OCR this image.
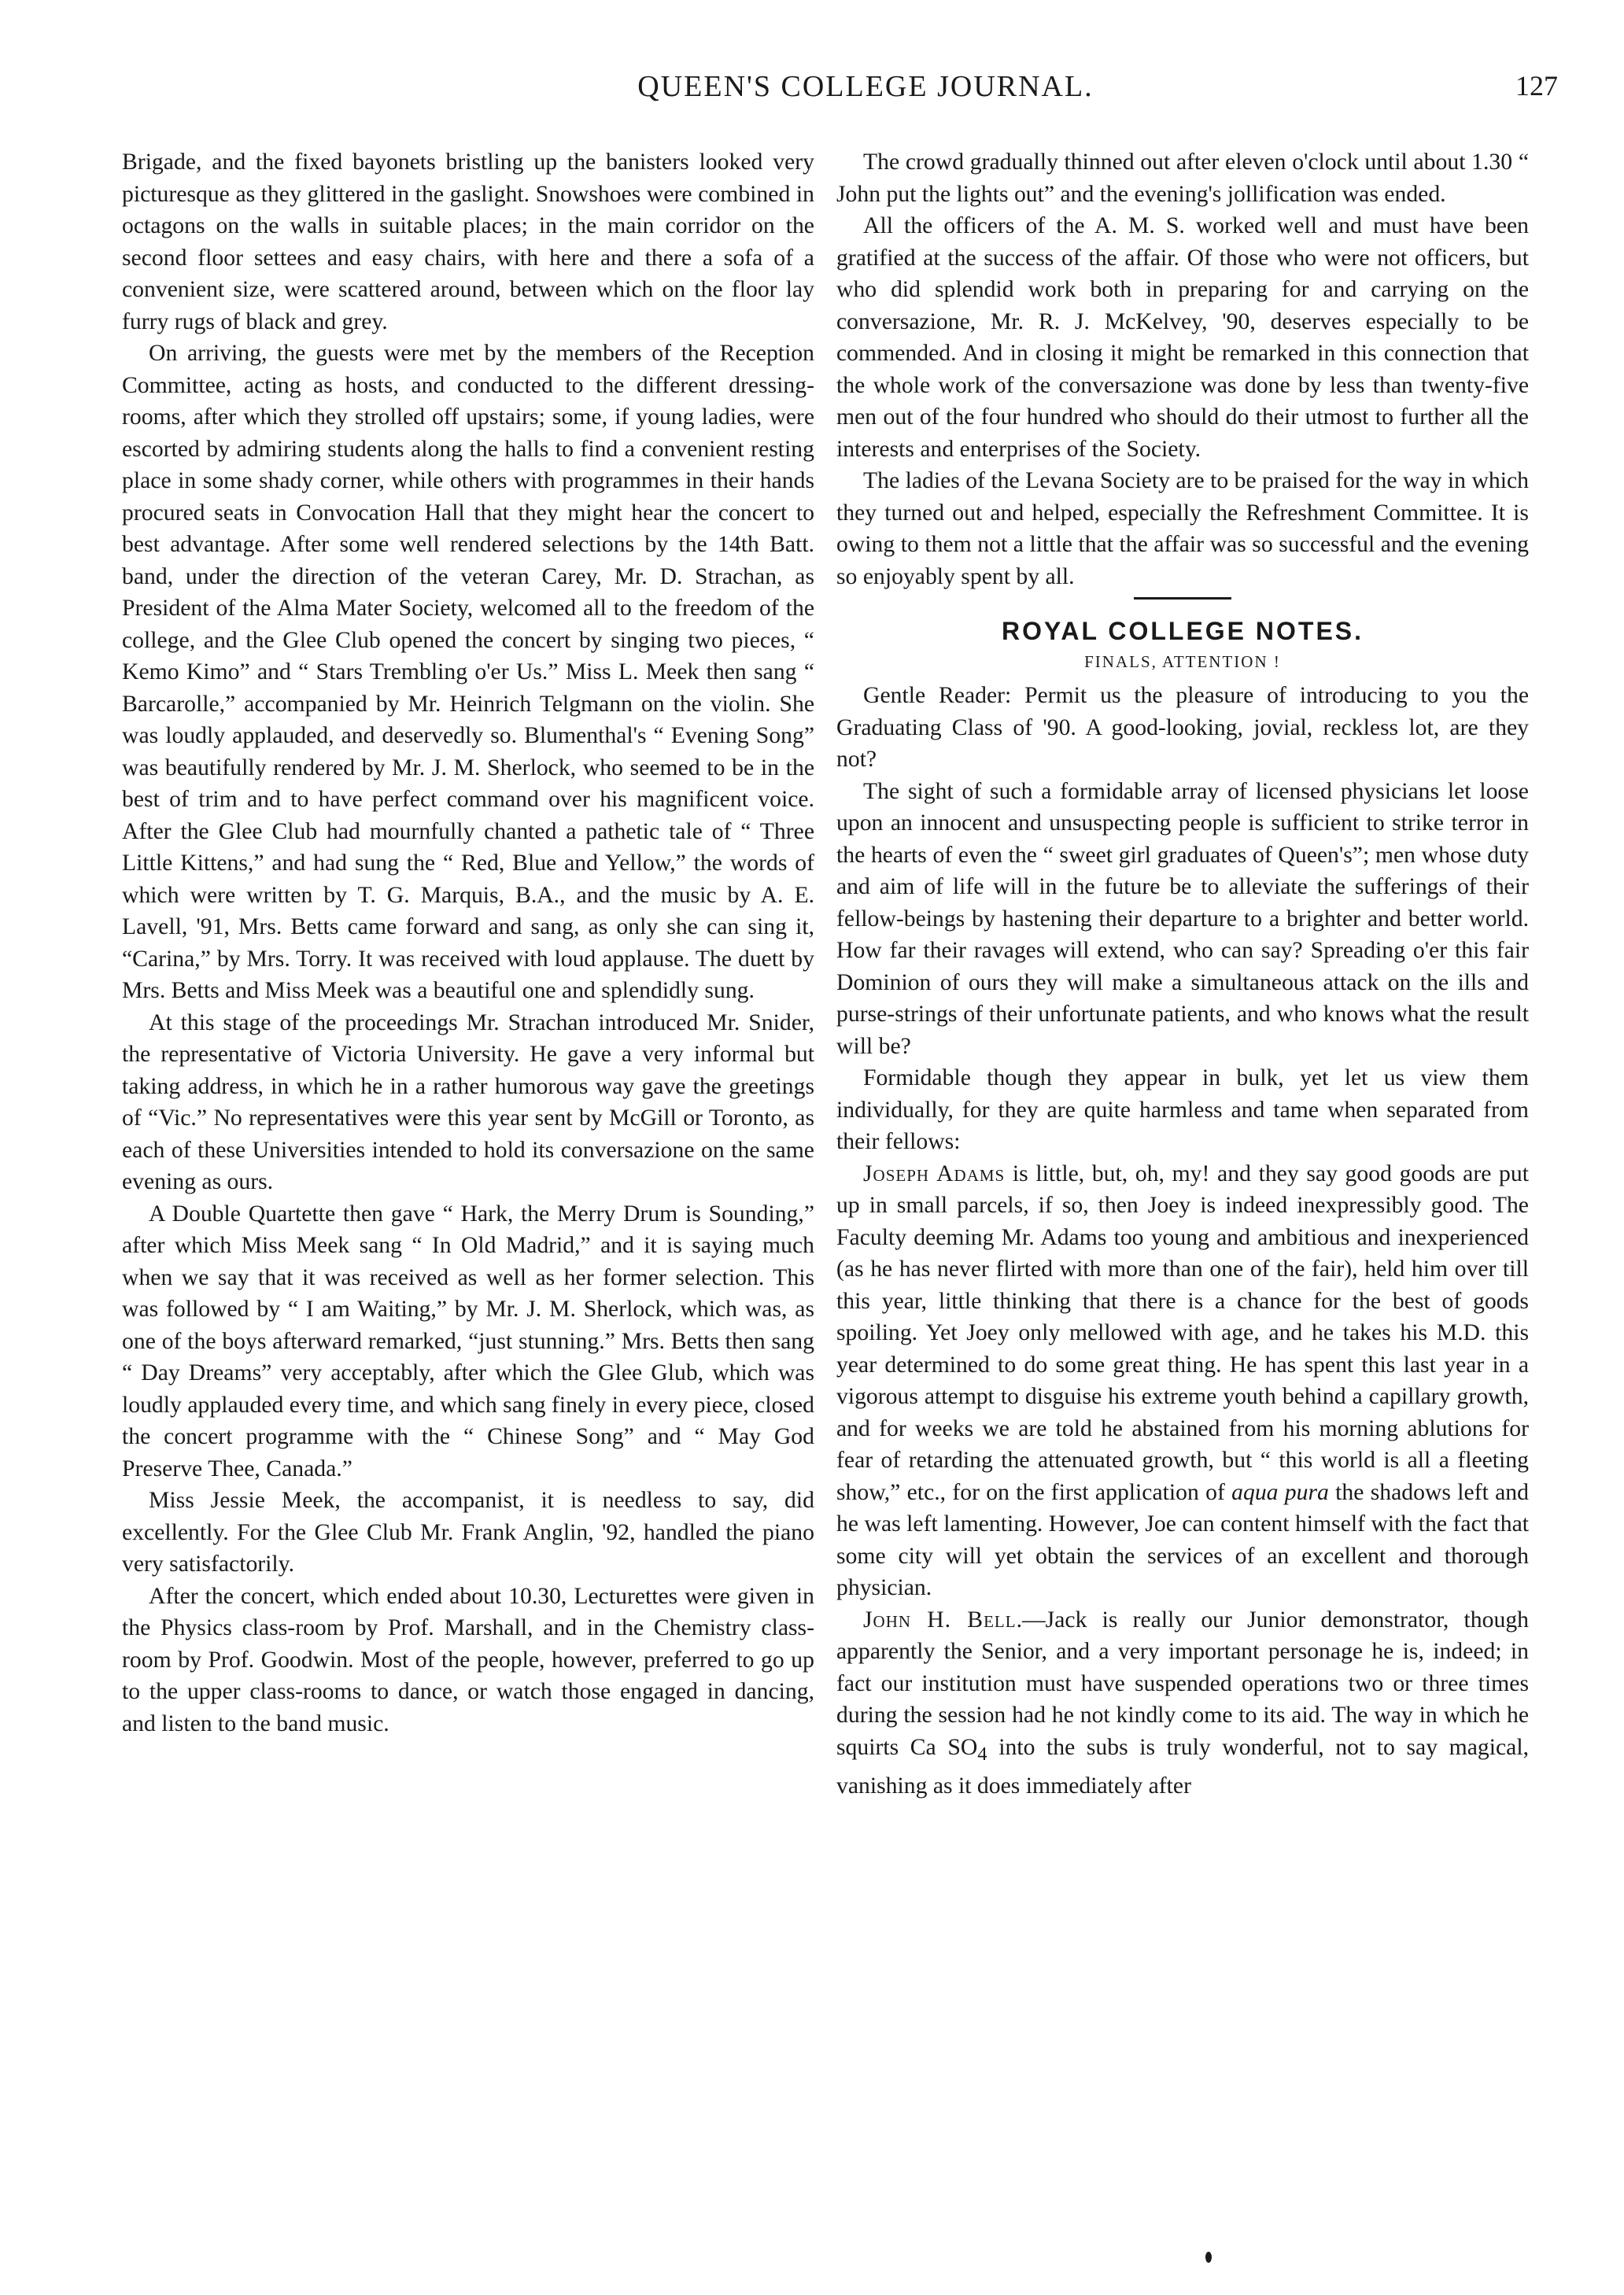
QUEEN'S COLLEGE JOURNAL.	127

Brigade, and the fixed bayonets bristling up the banisters looked very picturesque as they glittered in the gaslight. Snowshoes were combined in octagons on the walls in suitable places; in the main corridor on the second floor settees and easy chairs, with here and there a sofa of a convenient size, were scattered around, between which on the floor lay furry rugs of black and grey.

On arriving, the guests were met by the members of the Reception Committee, acting as hosts, and conducted to the different dressing-rooms, after which they strolled off upstairs; some, if young ladies, were escorted by admiring students along the halls to find a convenient resting place in some shady corner, while others with programmes in their hands procured seats in Convocation Hall that they might hear the concert to best advantage. After some well rendered selections by the 14th Batt. band, under the direction of the veteran Carey, Mr. D. Strachan, as President of the Alma Mater Society, welcomed all to the freedom of the college, and the Glee Club opened the concert by singing two pieces, “ Kemo Kimo” and “ Stars Trembling o'er Us.” Miss L. Meek then sang “ Barcarolle,” accompanied by Mr. Heinrich Telgmann on the violin. She was loudly applauded, and deservedly so. Blumenthal's “ Evening Song” was beautifully rendered by Mr. J. M. Sherlock, who seemed to be in the best of trim and to have perfect command over his magnificent voice. After the Glee Club had mournfully chanted a pathetic tale of “ Three Little Kittens,” and had sung the “ Red, Blue and Yellow,” the words of which were written by T. G. Marquis, B.A., and the music by A. E. Lavell, '91, Mrs. Betts came forward and sang, as only she can sing it, “Carina,” by Mrs. Torry. It was received with loud applause. The duett by Mrs. Betts and Miss Meek was a beautiful one and splendidly sung.

At this stage of the proceedings Mr. Strachan introduced Mr. Snider, the representative of Victoria University. He gave a very informal but taking address, in which he in a rather humorous way gave the greetings of “Vic.” No representatives were this year sent by McGill or Toronto, as each of these Universities intended to hold its conversazione on the same evening as ours.

A Double Quartette then gave “ Hark, the Merry Drum is Sounding,” after which Miss Meek sang “ In Old Madrid,” and it is saying much when we say that it was received as well as her former selection. This was followed by “ I am Waiting,” by Mr. J. M. Sherlock, which was, as one of the boys afterward remarked, “just stunning.” Mrs. Betts then sang “ Day Dreams” very acceptably, after which the Glee Glub, which was loudly applauded every time, and which sang finely in every piece, closed the concert programme with the “ Chinese Song” and “ May God Preserve Thee, Canada.”

Miss Jessie Meek, the accompanist, it is needless to say, did excellently. For the Glee Club Mr. Frank Anglin, '92, handled the piano very satisfactorily.

After the concert, which ended about 10.30, Lecturettes were given in the Physics class-room by Prof. Marshall, and in the Chemistry class-room by Prof. Goodwin. Most of the people, however, preferred to go up to the upper class-rooms to dance, or watch those engaged in dancing, and listen to the band music.

The crowd gradually thinned out after eleven o'clock until about 1.30 “ John put the lights out” and the evening's jollification was ended.

All the officers of the A. M. S. worked well and must have been gratified at the success of the affair. Of those who were not officers, but who did splendid work both in preparing for and carrying on the conversazione, Mr. R. J. McKelvey, '90, deserves especially to be commended. And in closing it might be remarked in this connection that the whole work of the conversazione was done by less than twenty-five men out of the four hundred who should do their utmost to further all the interests and enterprises of the Society.

The ladies of the Levana Society are to be praised for the way in which they turned out and helped, especially the Refreshment Committee. It is owing to them not a little that the affair was so successful and the evening so enjoyably spent by all.

ROYAL COLLEGE NOTES.
FINALS, ATTENTION !

Gentle Reader: Permit us the pleasure of introducing to you the Graduating Class of '90. A good-looking, jovial, reckless lot, are they not?

The sight of such a formidable array of licensed physicians let loose upon an innocent and unsuspecting people is sufficient to strike terror in the hearts of even the “ sweet girl graduates of Queen's”; men whose duty and aim of life will in the future be to alleviate the sufferings of their fellow-beings by hastening their departure to a brighter and better world. How far their ravages will extend, who can say? Spreading o'er this fair Dominion of ours they will make a simultaneous attack on the ills and purse-strings of their unfortunate patients, and who knows what the result will be?

Formidable though they appear in bulk, yet let us view them individually, for they are quite harmless and tame when separated from their fellows:

Joseph Adams is little, but, oh, my! and they say good goods are put up in small parcels, if so, then Joey is indeed inexpressibly good. The Faculty deeming Mr. Adams too young and ambitious and inexperienced (as he has never flirted with more than one of the fair), held him over till this year, little thinking that there is a chance for the best of goods spoiling. Yet Joey only mellowed with age, and he takes his M.D. this year determined to do some great thing. He has spent this last year in a vigorous attempt to disguise his extreme youth behind a capillary growth, and for weeks we are told he abstained from his morning ablutions for fear of retarding the attenuated growth, but “ this world is all a fleeting show,” etc., for on the first application of aqua pura the shadows left and he was left lamenting. However, Joe can content himself with the fact that some city will yet obtain the services of an excellent and thorough physician.

John H. Bell.—Jack is really our Junior demonstrator, though apparently the Senior, and a very important personage he is, indeed; in fact our institution must have suspended operations two or three times during the session had he not kindly come to its aid. The way in which he squirts Ca $SO_4$ into the subs is truly wonderful, not to say magical, vanishing as it does immediately after
